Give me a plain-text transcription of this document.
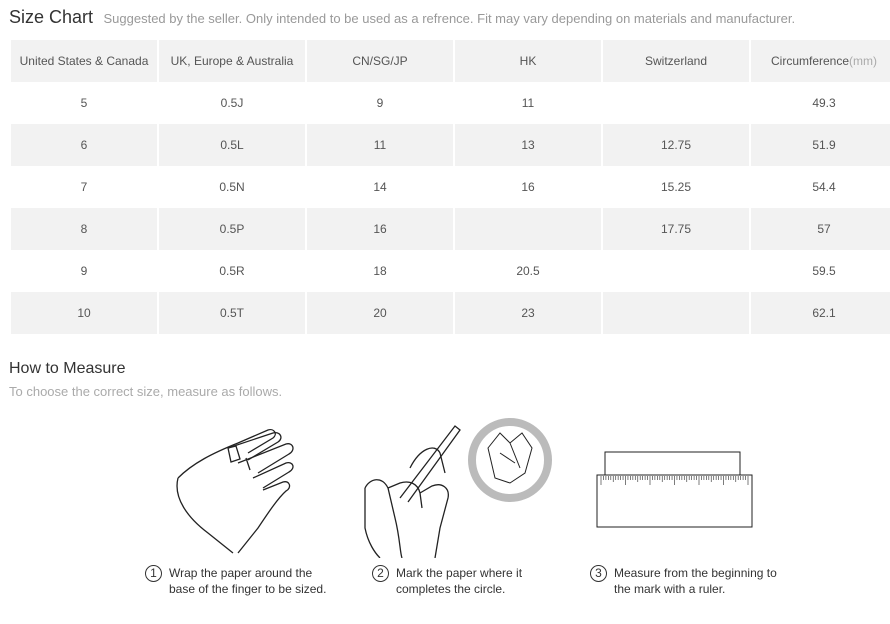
Size Chart Suggested by the seller. Only intended to be used as a refrence. Fit may vary depending on materials and manufacturer.
United States & Canada	UK, Europe & Australia	CN/SG/JP	HK	Switzerland	Circumference(mm)
5	0.5J	9	11		49.3
6	0.5L	11	13	12.75	51.9
7	0.5N	14	16	15.25	54.4
8	0.5P	16		17.75	57
9	0.5R	18	20.5		59.5
10	0.5T	20	23		62.1
How to Measure
To choose the correct size, measure as follows.
1	Wrap the paper around the
base of the finger to be sized.
2	Mark the paper where it
completes the circle.
3	Measure from the beginning to
the mark with a ruler.
